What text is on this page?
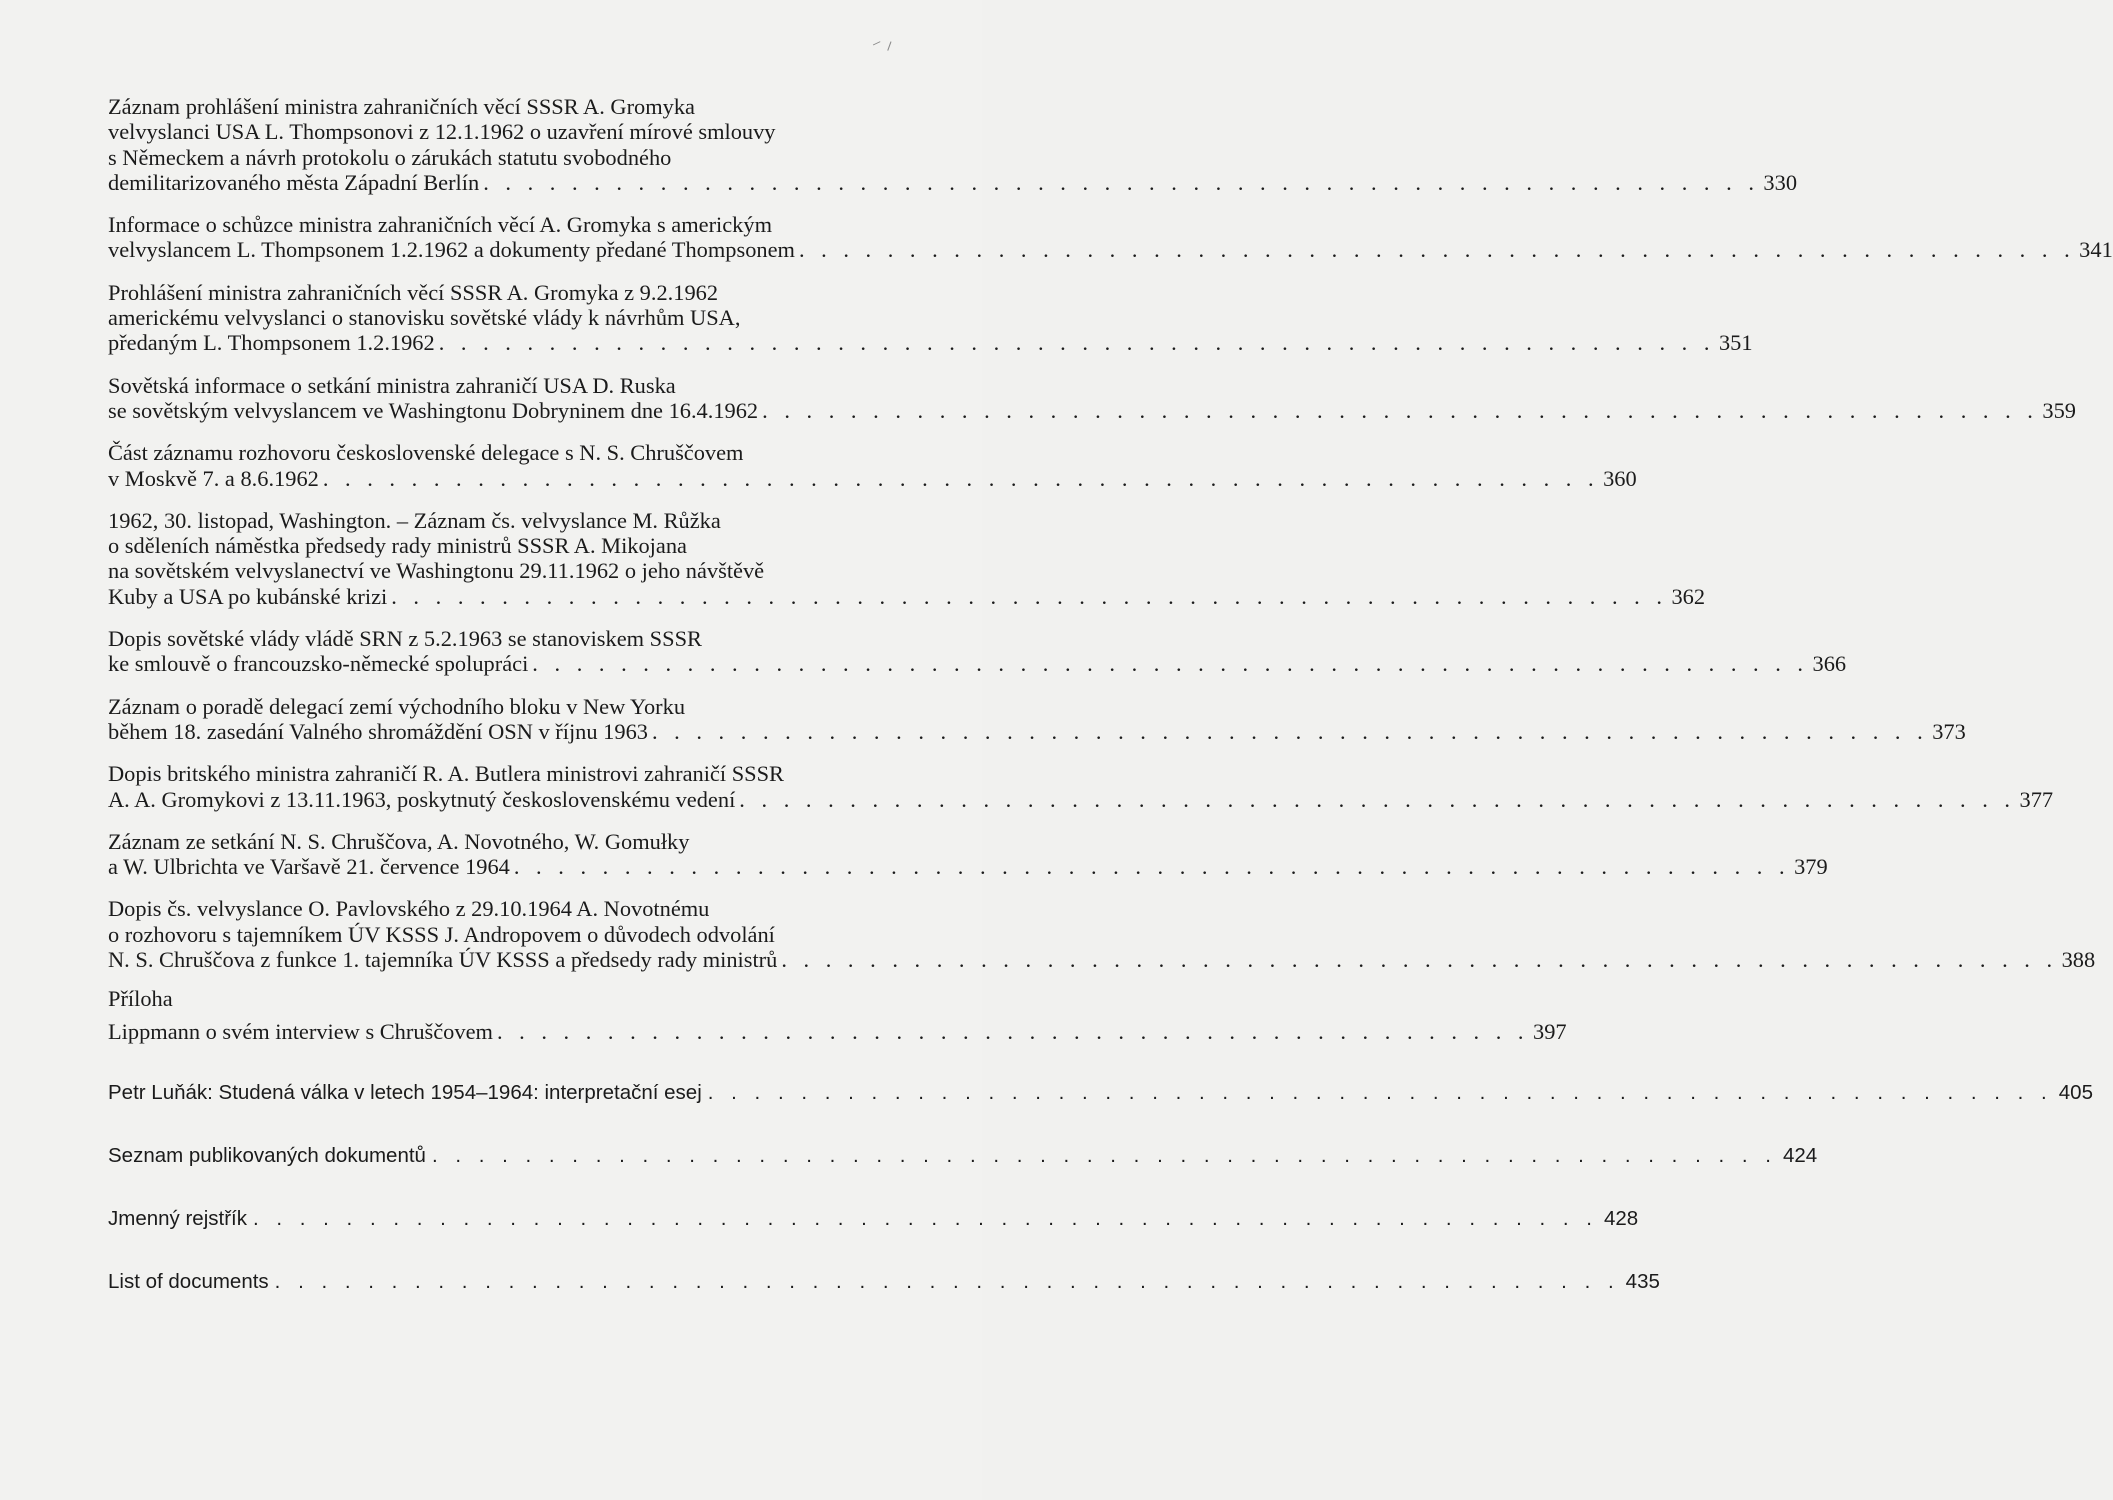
⁻⸝
Záznam prohlášení ministra zahraničních věcí SSSR A. Gromyka
velvyslanci USA L. Thompsonovi z 12.1.1962 o uzavření mírové smlouvy
s Německem a návrh protokolu o zárukách statutu svobodného
demilitarizovaného města Západní Berlín . . . . . . . . . . . . . . . . . . . . . . . . . . . . . . . . . . . . . . . . . . . . . . . . . . . . . . . . . . 330
Informace o schůzce ministra zahraničních věcí A. Gromyka s americkým
velvyslancem L. Thompsonem 1.2.1962 a dokumenty předané Thompsonem . . . . . . . . . . . . . . . . . . . . . . . . . . . . . . . . . . . . . . . . . . . . . . . . . . . . . . . . . . 341
Prohlášení ministra zahraničních věcí SSSR A. Gromyka z 9.2.1962
americkému velvyslanci o stanovisku sovětské vlády k návrhům USA,
předaným L. Thompsonem 1.2.1962 . . . . . . . . . . . . . . . . . . . . . . . . . . . . . . . . . . . . . . . . . . . . . . . . . . . . . . . . . . 351
Sovětská informace o setkání ministra zahraničí USA D. Ruska
se sovětským velvyslancem ve Washingtonu Dobryninem dne 16.4.1962 . . . . . . . . . . . . . . . . . . . . . . . . . . . . . . . . . . . . . . . . . . . . . . . . . . . . . . . . . . 359
Část záznamu rozhovoru československé delegace s N. S. Chruščovem
v Moskvě 7. a 8.6.1962 . . . . . . . . . . . . . . . . . . . . . . . . . . . . . . . . . . . . . . . . . . . . . . . . . . . . . . . . . . 360
1962, 30. listopad, Washington. – Záznam čs. velvyslance M. Růžka
o sděleních náměstka předsedy rady ministrů SSSR A. Mikojana
na sovětském velvyslanectví ve Washingtonu 29.11.1962 o jeho návštěvě
Kuby a USA po kubánské krizi . . . . . . . . . . . . . . . . . . . . . . . . . . . . . . . . . . . . . . . . . . . . . . . . . . . . . . . . . . 362
Dopis sovětské vlády vládě SRN z 5.2.1963 se stanoviskem SSSR
ke smlouvě o francouzsko-německé spolupráci . . . . . . . . . . . . . . . . . . . . . . . . . . . . . . . . . . . . . . . . . . . . . . . . . . . . . . . . . . 366
Záznam o poradě delegací zemí východního bloku v New Yorku
během 18. zasedání Valného shromáždění OSN v říjnu 1963 . . . . . . . . . . . . . . . . . . . . . . . . . . . . . . . . . . . . . . . . . . . . . . . . . . . . . . . . . . 373
Dopis britského ministra zahraničí R. A. Butlera ministrovi zahraničí SSSR
A. A. Gromykovi z 13.11.1963, poskytnutý československému vedení . . . . . . . . . . . . . . . . . . . . . . . . . . . . . . . . . . . . . . . . . . . . . . . . . . . . . . . . . . 377
Záznam ze setkání N. S. Chruščova, A. Novotného, W. Gomułky
a W. Ulbrichta ve Varšavě 21. července 1964 . . . . . . . . . . . . . . . . . . . . . . . . . . . . . . . . . . . . . . . . . . . . . . . . . . . . . . . . . . 379
Dopis čs. velvyslance O. Pavlovského z 29.10.1964 A. Novotnému
o rozhovoru s tajemníkem ÚV KSSS J. Andropovem o důvodech odvolání
N. S. Chruščova z funkce 1. tajemníka ÚV KSSS a předsedy rady ministrů . . . . . . . . . . . . . . . . . . . . . . . . . . . . . . . . . . . . . . . . . . . . . . . . . . . . . . . . . . 388
Příloha
Lippmann o svém interview s Chruščovem . . . . . . . . . . . . . . . . . . . . . . . . . . . . . . . . . . . . . . . . . . . . . . . 397
Petr Luňák: Studená válka v letech 1954–1964: interpretační esej . . . . . . . . . . . . . . . . . . . . . . . . . . . . . . . . . . . . . . . . . . . . . . . . . . . . . . . . . . 405
Seznam publikovaných dokumentů . . . . . . . . . . . . . . . . . . . . . . . . . . . . . . . . . . . . . . . . . . . . . . . . . . . . . . . . . . 424
Jmenný rejstřík . . . . . . . . . . . . . . . . . . . . . . . . . . . . . . . . . . . . . . . . . . . . . . . . . . . . . . . . . . 428
List of documents . . . . . . . . . . . . . . . . . . . . . . . . . . . . . . . . . . . . . . . . . . . . . . . . . . . . . . . . . . 435
